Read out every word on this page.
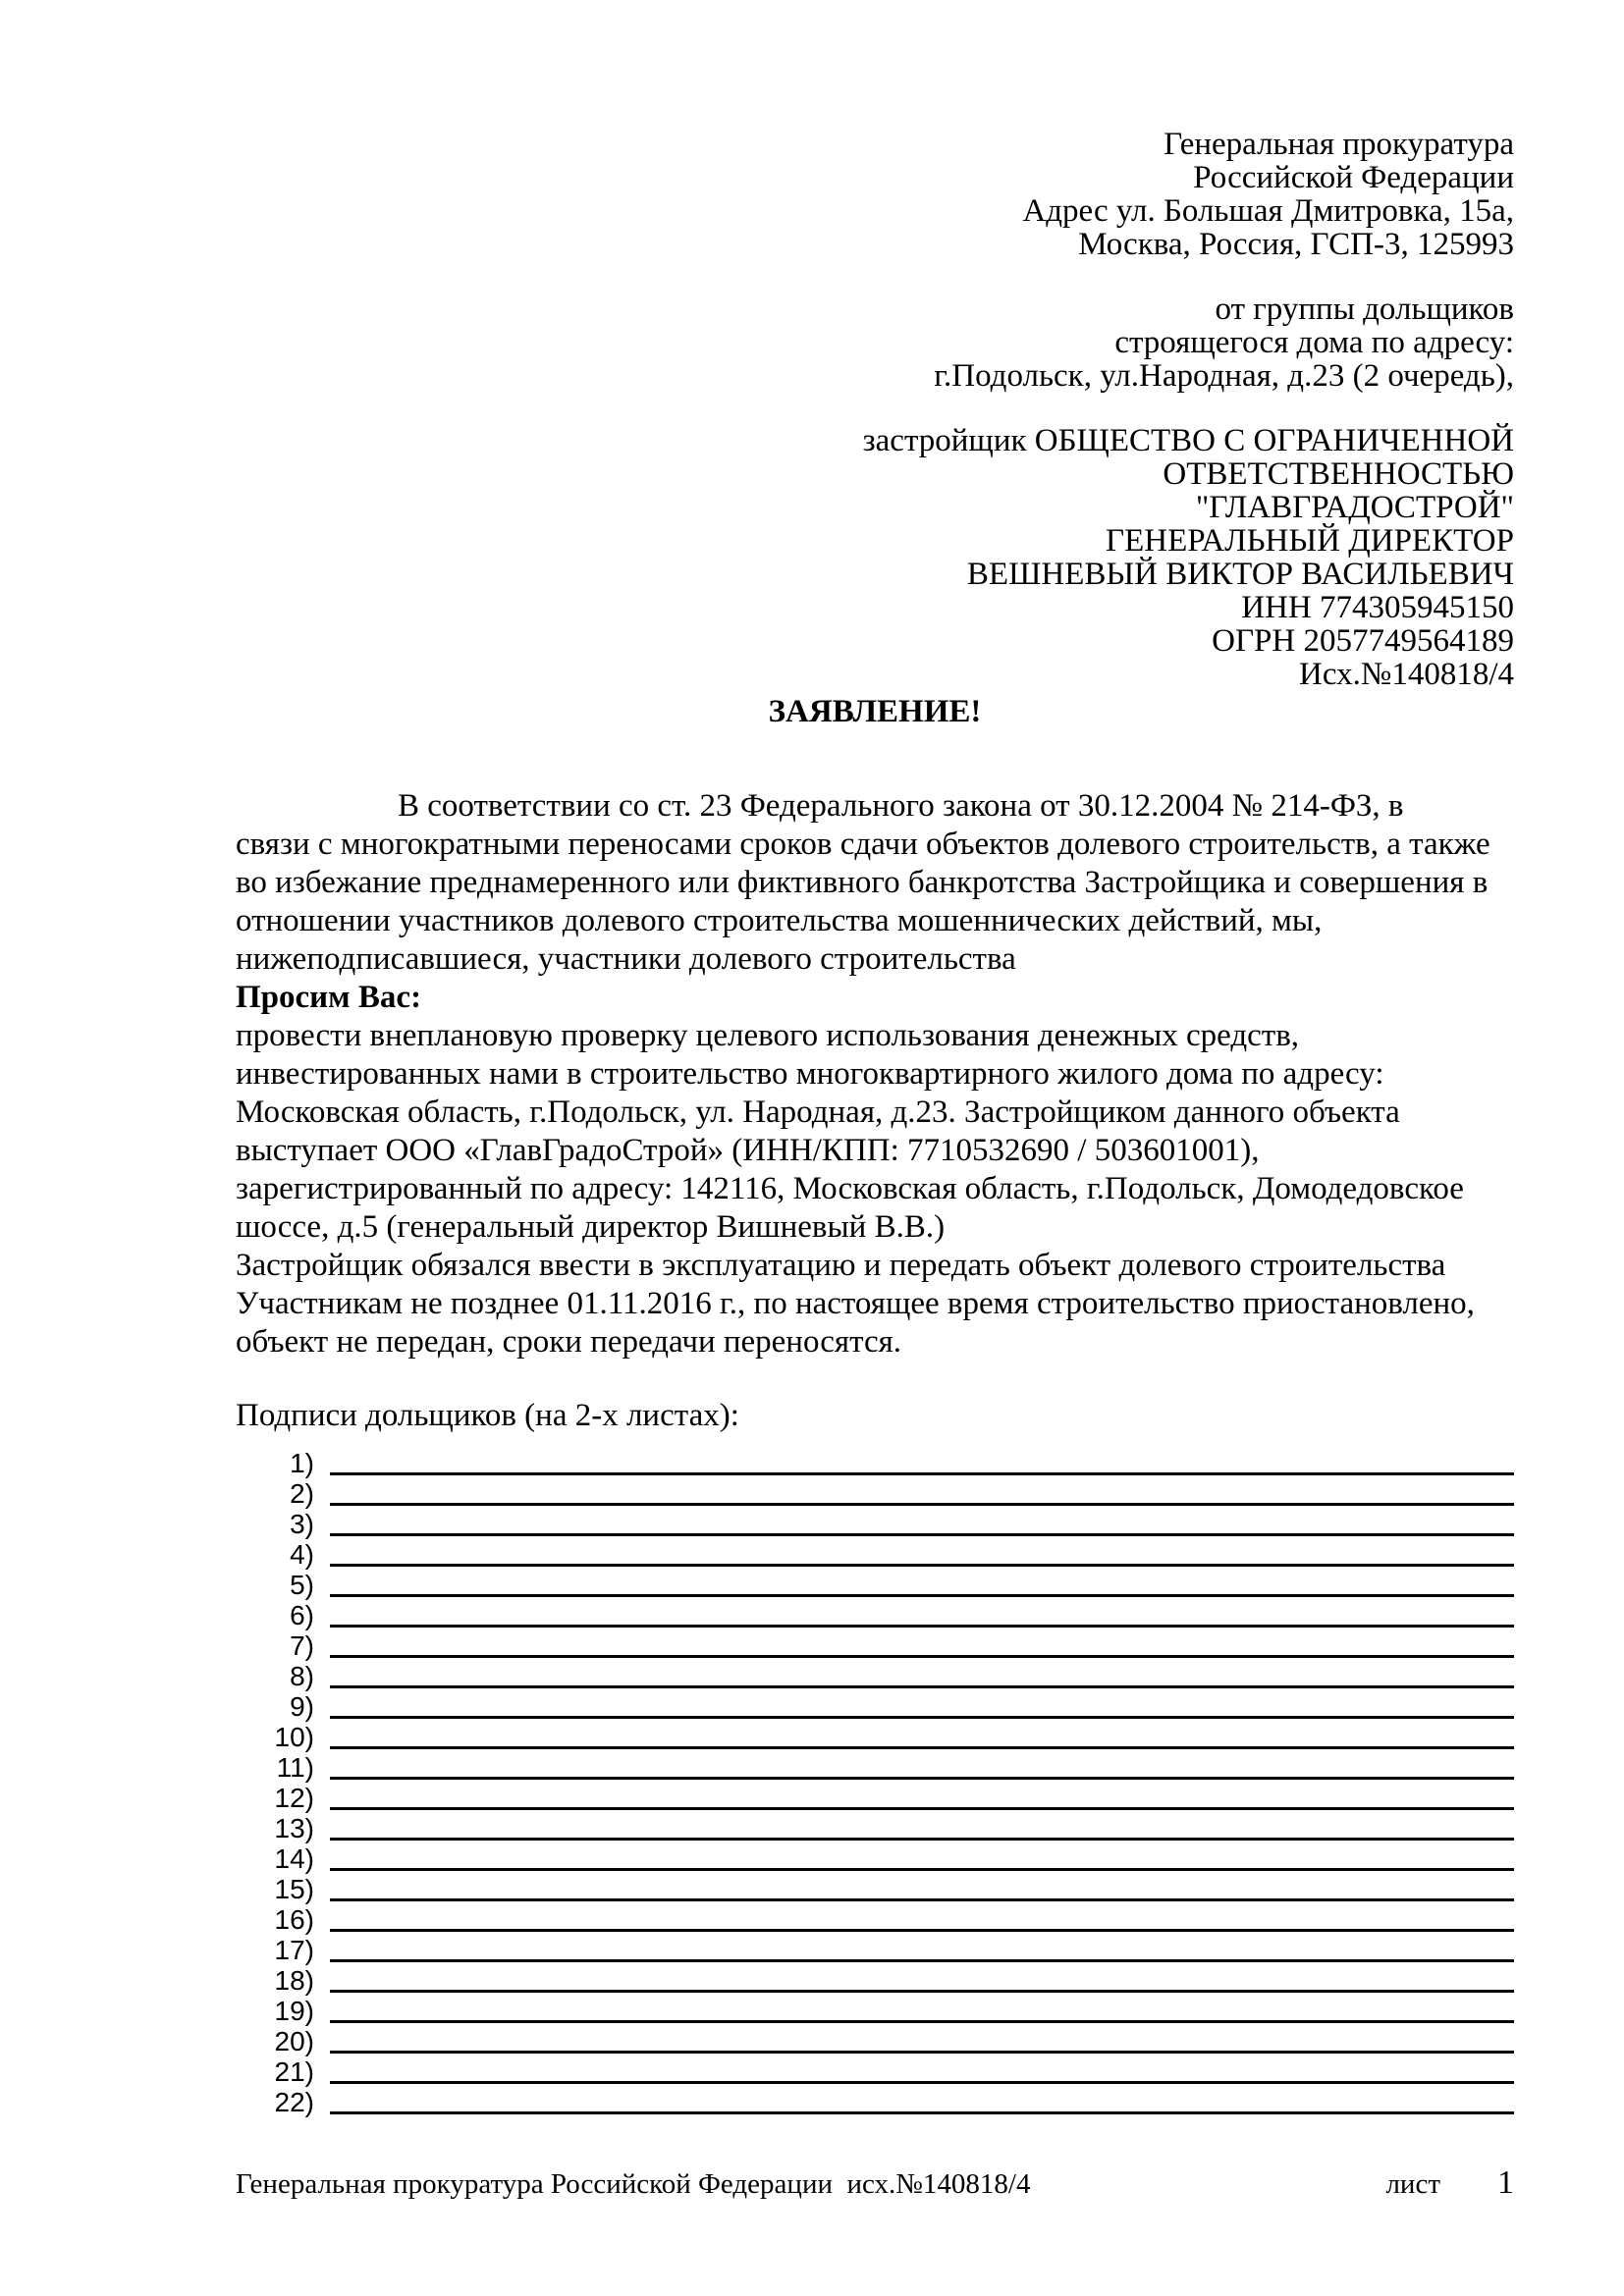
Генеральная прокуратура
Российской Федерации
Адрес ул. Большая Дмитровка, 15а,
Москва, Россия, ГСП-3, 125993
от группы дольщиков
строящегося дома по адресу:
г.Подольск, ул.Народная, д.23 (2 очередь),
застройщик ОБЩЕСТВО С ОГРАНИЧЕННОЙ
ОТВЕТСТВЕННОСТЬЮ
"ГЛАВГРАДОСТРОЙ"
ГЕНЕРАЛЬНЫЙ ДИРЕКТОР
ВЕШНЕВЫЙ ВИКТОР ВАСИЛЬЕВИЧ
ИНН 774305945150
ОГРН 2057749564189
Исх.№140818/4
ЗАЯВЛЕНИЕ!
В соответствии со ст. 23 Федерального закона от 30.12.2004 № 214-ФЗ, в
связи с многократными переносами сроков сдачи объектов долевого строительств, а также
во избежание преднамеренного или фиктивного банкротства Застройщика и совершения в
отношении участников долевого строительства мошеннических действий, мы,
нижеподписавшиеся, участники долевого строительства
Просим Вас:
провести внеплановую проверку целевого использования денежных средств,
инвестированных нами в строительство многоквартирного жилого дома по адресу:
Московская область, г.Подольск, ул. Народная, д.23. Застройщиком данного объекта
выступает ООО «ГлавГрадоСтрой» (ИНН/КПП: 7710532690 / 503601001),
зарегистрированный по адресу: 142116, Московская область, г.Подольск, Домодедовское
шоссе, д.5 (генеральный директор Вишневый В.В.)
Застройщик обязался ввести в эксплуатацию и передать объект долевого строительства
Участникам не позднее 01.11.2016 г., по настоящее время строительство приостановлено,
объект не передан, сроки передачи переносятся.
Подписи дольщиков (на 2-х листах):
1)
2)
3)
4)
5)
6)
7)
8)
9)
10)
11)
12)
13)
14)
15)
16)
17)
18)
19)
20)
21)
22)
Генеральная прокуратура Российской Федерации  исх.№140818/4	лист 1
